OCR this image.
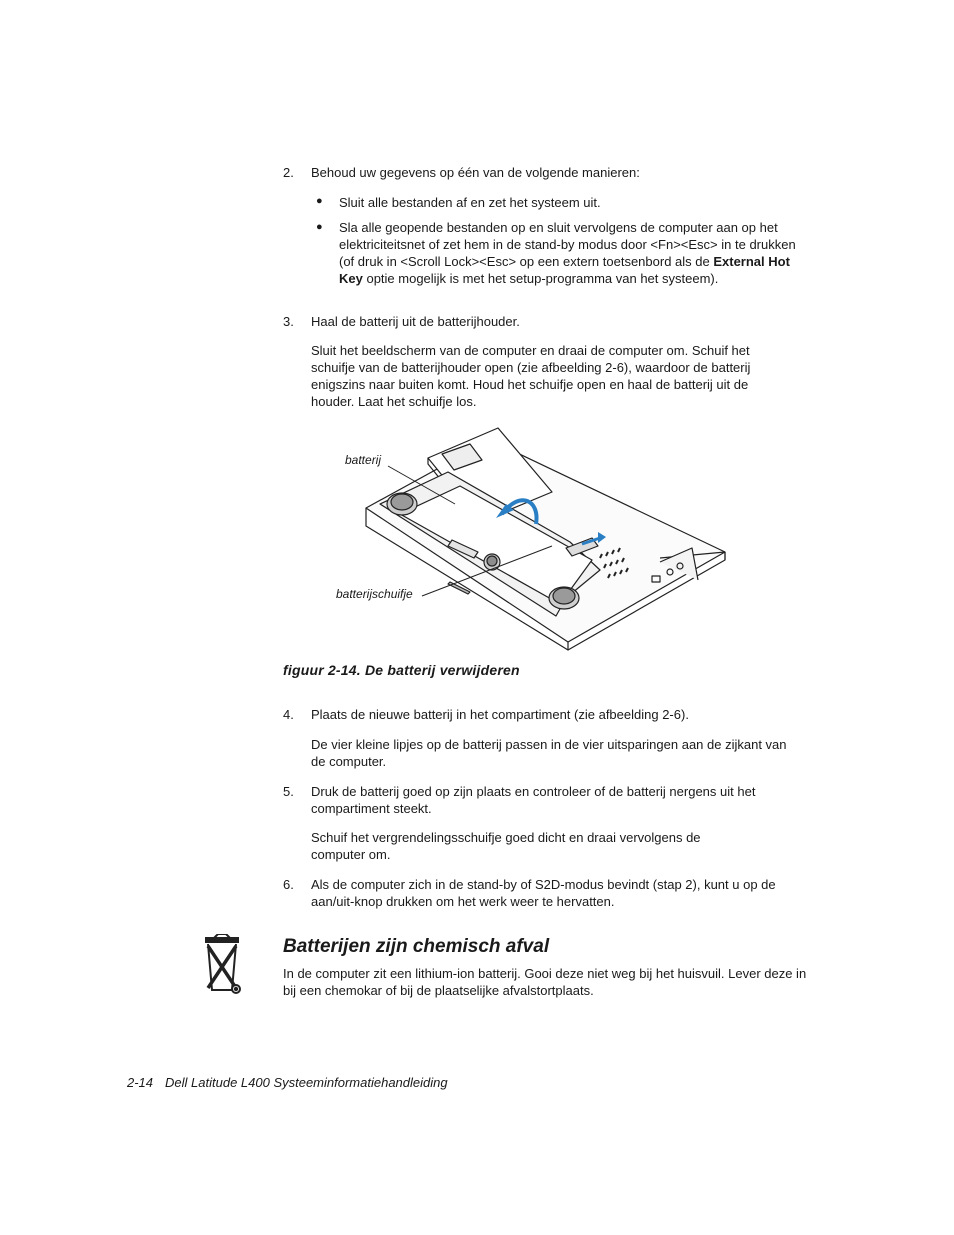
2. Behoud uw gegevens op één van de volgende manieren:
● Sluit alle bestanden af en zet het systeem uit.
● Sla alle geopende bestanden op en sluit vervolgens de computer aan op het elektriciteitsnet of zet hem in de stand-by modus door <Fn><Esc> in te drukken (of druk in <Scroll Lock><Esc> op een extern toetsenbord als de External Hot Key optie mogelijk is met het setup-programma van het systeem).
3. Haal de batterij uit de batterijhouder.
Sluit het beeldscherm van de computer en draai de computer om. Schuif het schuifje van de batterijhouder open (zie afbeelding 2-6), waardoor de batterij enigszins naar buiten komt. Houd het schuifje open en haal de batterij uit de houder. Laat het schuifje los.
batterij
batterijschuifje
figuur 2-14. De batterij verwijderen
4. Plaats de nieuwe batterij in het compartiment (zie afbeelding 2-6).
De vier kleine lipjes op de batterij passen in de vier uitsparingen aan de zijkant van de computer.
5. Druk de batterij goed op zijn plaats en controleer of de batterij nergens uit het compartiment steekt.
Schuif het vergrendelingsschuifje goed dicht en draai vervolgens de computer om.
6. Als de computer zich in de stand-by of S2D-modus bevindt (stap 2), kunt u op de aan/uit-knop drukken om het werk weer te hervatten.
Batterijen zijn chemisch afval
In de computer zit een lithium-ion batterij. Gooi deze niet weg bij het huisvuil. Lever deze in bij een chemokar of bij de plaatselijke afvalstortplaats.
2-14 Dell Latitude L400 Systeeminformatiehandleiding
